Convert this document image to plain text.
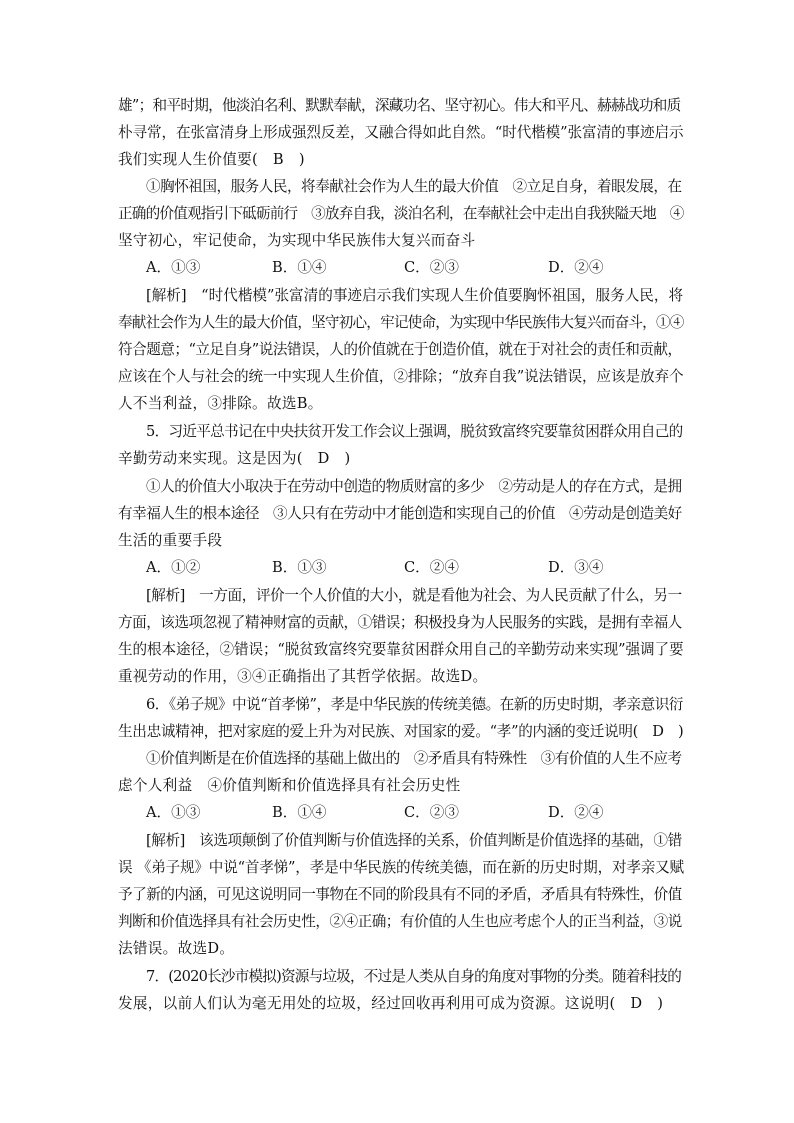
雄”；和平时期，他淡泊名利、默默奉献，深藏功名、坚守初心。伟大和平凡、赫赫战功和质
朴寻常，在张富清身上形成强烈反差，又融合得如此自然。“时代楷模”张富清的事迹启示
我们实现人生价值要(　B　)
①胸怀祖国，服务人民，将奉献社会作为人生的最大价值　②立足自身，着眼发展，在
正确的价值观指引下砥砺前行　③放弃自我，淡泊名利，在奉献社会中走出自我狭隘天地　④
坚守初心，牢记使命，为实现中华民族伟大复兴而奋斗
A．①③	B．①④	C．②③	D．②④
[解析]　“时代楷模”张富清的事迹启示我们实现人生价值要胸怀祖国，服务人民，将
奉献社会作为人生的最大价值，坚守初心，牢记使命，为实现中华民族伟大复兴而奋斗，①④
符合题意；“立足自身”说法错误，人的价值就在于创造价值，就在于对社会的责任和贡献，
应该在个人与社会的统一中实现人生价值，②排除；“放弃自我”说法错误，应该是放弃个
人不当利益，③排除。故选B。
5．习近平总书记在中央扶贫开发工作会议上强调，脱贫致富终究要靠贫困群众用自己的
辛勤劳动来实现。这是因为(　D　)
①人的价值大小取决于在劳动中创造的物质财富的多少　②劳动是人的存在方式，是拥
有幸福人生的根本途径　③人只有在劳动中才能创造和实现自己的价值　④劳动是创造美好
生活的重要手段
A．①②	B．①③	C．②④	D．③④
[解析]　一方面，评价一个人价值的大小，就是看他为社会、为人民贡献了什么，另一
方面，该选项忽视了精神财富的贡献，①错误；积极投身为人民服务的实践，是拥有幸福人
生的根本途径，②错误；“脱贫致富终究要靠贫困群众用自己的辛勤劳动来实现”强调了要
重视劳动的作用，③④正确指出了其哲学依据。故选D。
6．《弟子规》中说“首孝悌”，孝是中华民族的传统美德。在新的历史时期，孝亲意识衍
生出忠诚精神，把对家庭的爱上升为对民族、对国家的爱。“孝”的内涵的变迁说明(　D　)
①价值判断是在价值选择的基础上做出的　②矛盾具有特殊性　③有价值的人生不应考
虑个人利益　④价值判断和价值选择具有社会历史性
A．①③	B．①④	C．②③	D．②④
[解析]　该选项颠倒了价值判断与价值选择的关系，价值判断是价值选择的基础，①错
误 《弟子规》中说“首孝悌”，孝是中华民族的传统美德，而在新的历史时期，对孝亲又赋
予了新的内涵，可见这说明同一事物在不同的阶段具有不同的矛盾，矛盾具有特殊性，价值
判断和价值选择具有社会历史性，②④正确；有价值的人生也应考虑个人的正当利益，③说
法错误。故选D。
7．(2020长沙市模拟)资源与垃圾，不过是人类从自身的角度对事物的分类。随着科技的
发展，以前人们认为毫无用处的垃圾，经过回收再利用可成为资源。这说明(　D　)
